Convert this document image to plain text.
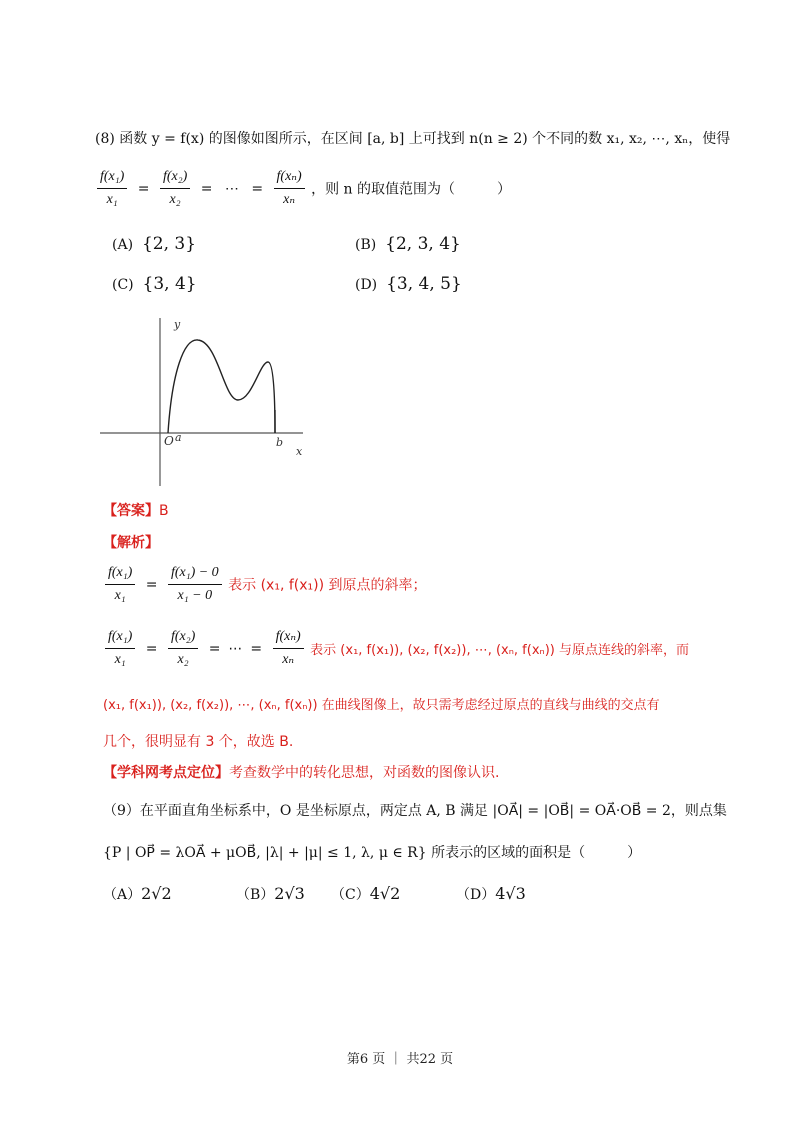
(8) 函数 y = f(x) 的图像如图所示，在区间 [a, b] 上可找到 n(n ≥ 2) 个不同的数 x₁, x₂, ⋯, xₙ，使得
$\frac{\text{f(x₁)}}{\text{x₁}} = \frac{\text{f(x₂)}}{\text{x₂}}$ = ⋯ = $\frac{\text{f(xₙ)}}{\text{xₙ}}$ ，则 n 的取值范围为（　　　）
(A) {2, 3}	(B) {2, 3, 4}
(C) {3, 4}	(D) {3, 4, 5}
y
x
O a	b
【答案】B
【解析】
$\frac{\text{f(x₁)}}{\text{x₁}} = \frac{\text{f(x₁) − 0}}{\text{x₁ − 0}}$ 表示 (x₁, f(x₁)) 到原点的斜率；
$\frac{\text{f(x₁)}}{\text{x₁}} = \frac{\text{f(x₂)}}{\text{x₂}}$ = ⋯ = $\frac{\text{f(xₙ)}}{\text{xₙ}}$ 表示 (x₁, f(x₁)), (x₂, f(x₂)), ⋯, (xₙ, f(xₙ)) 与原点连线的斜率，而
(x₁, f(x₁)), (x₂, f(x₂)), ⋯, (xₙ, f(xₙ)) 在曲线图像上，故只需考虑经过原点的直线与曲线的交点有
几个，很明显有 3 个，故选 B.
【学科网考点定位】考查数学中的转化思想，对函数的图像认识.
（9）在平面直角坐标系中，O 是坐标原点，两定点 A, B 满足 |OA⃗| = |OB⃗| = OA⃗·OB⃗ = 2，则点集
{P | OP⃗ = λOA⃗ + μOB⃗, |λ| + |μ| ≤ 1, λ, μ ∈ R} 所表示的区域的面积是（　　　）
（A）2√2	（B）2√3 （C）4√2	（D）4√3
第6 页 ｜ 共22 页
